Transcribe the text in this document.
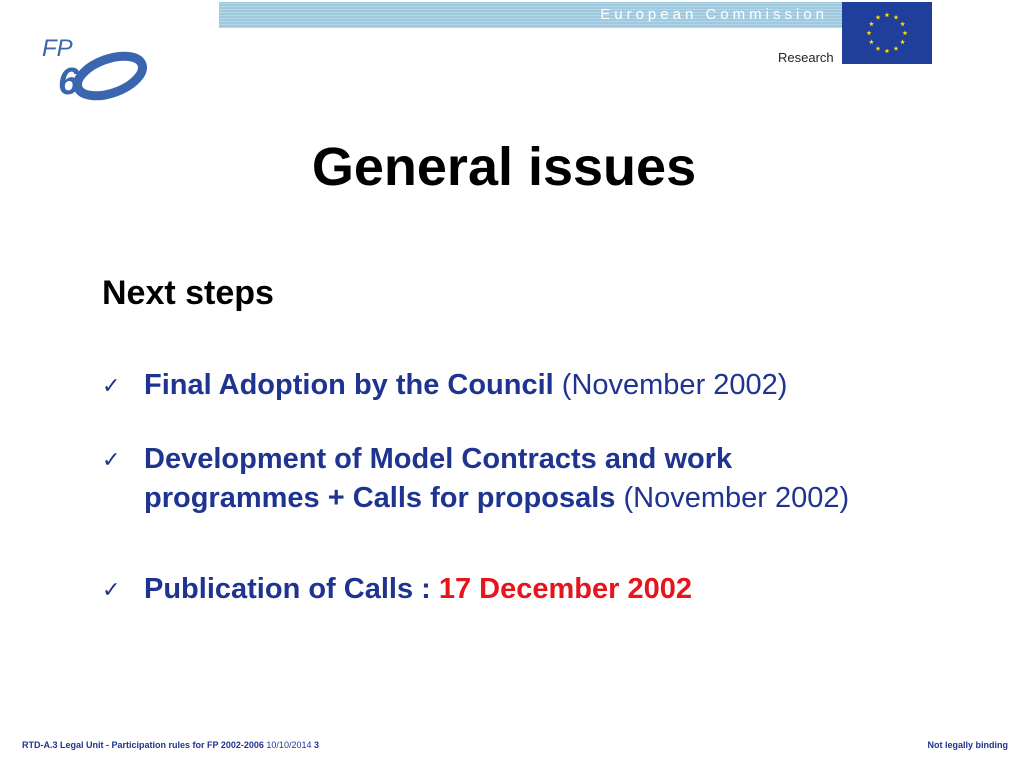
European Commission
Research
FP
6
General issues
Next steps
✓ Final Adoption by the Council (November 2002)
✓ Development of Model Contracts and work programmes + Calls for proposals (November 2002)
✓ Publication of Calls : 17 December 2002
RTD-A.3 Legal Unit - Participation rules for FP 2002-2006 10/10/2014 3	Not legally binding
